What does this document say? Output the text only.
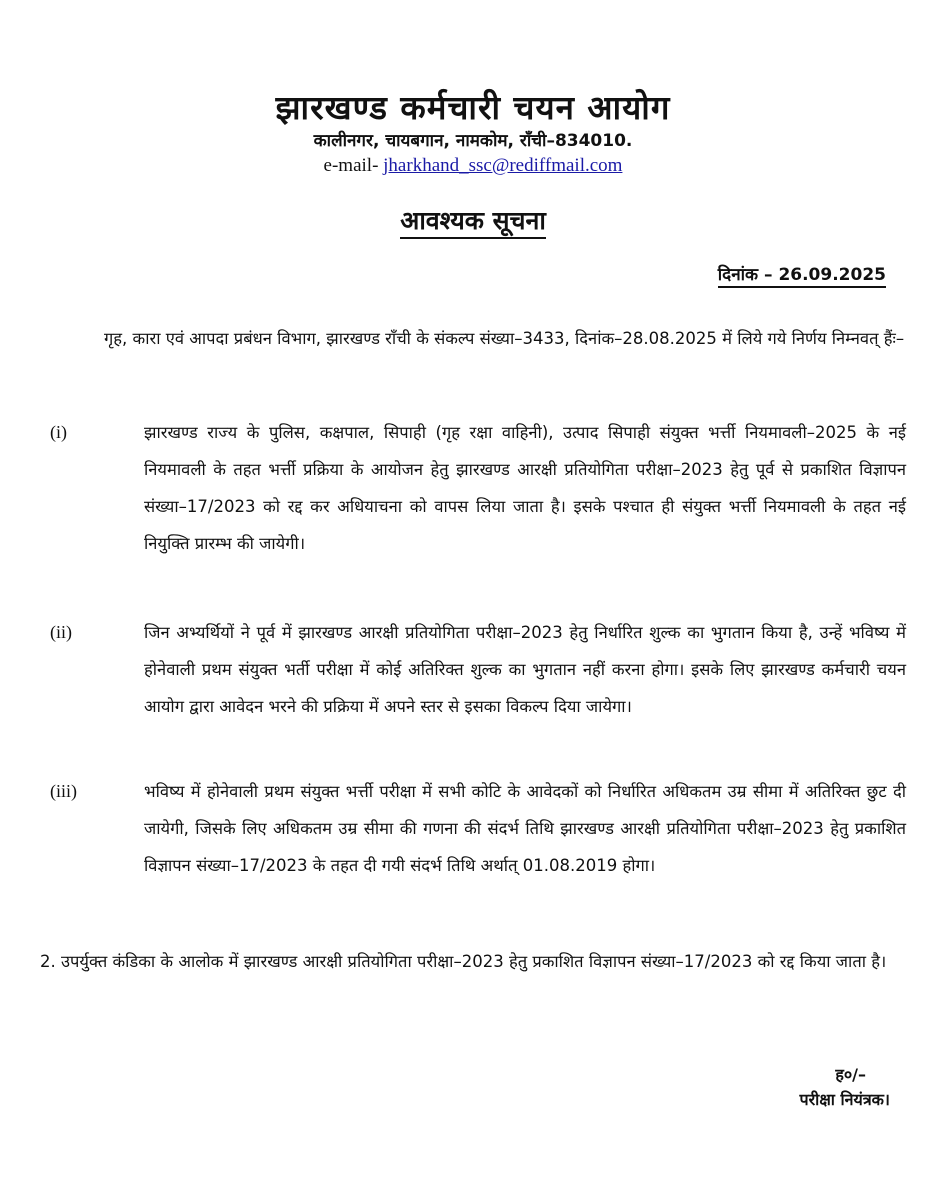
झारखण्ड कर्मचारी चयन आयोग
कालीनगर, चायबगान, नामकोम, राँची–834010.
e-mail- jharkhand_ssc@rediffmail.com
आवश्यक सूचना
दिनांक – 26.09.2025
गृह, कारा एवं आपदा प्रबंधन विभाग, झारखण्ड राँची के संकल्प संख्या–3433, दिनांक–28.08.2025 में लिये गये निर्णय निम्नवत् हैंः–
(i)	झारखण्ड राज्य के पुलिस, कक्षपाल, सिपाही (गृह रक्षा वाहिनी), उत्पाद सिपाही संयुक्त भर्त्ती नियमावली–2025 के नई नियमावली के तहत भर्त्ती प्रक्रिया के आयोजन हेतु झारखण्ड आरक्षी प्रतियोगिता परीक्षा–2023 हेतु पूर्व से प्रकाशित विज्ञापन संख्या–17/2023 को रद्द कर अधियाचना को वापस लिया जाता है। इसके पश्चात ही संयुक्त भर्त्ती नियमावली के तहत नई नियुक्ति प्रारम्भ की जायेगी।
(ii)	जिन अभ्यर्थियों ने पूर्व में झारखण्ड आरक्षी प्रतियोगिता परीक्षा–2023 हेतु निर्धारित शुल्क का भुगतान किया है, उन्हें भविष्य में होनेवाली प्रथम संयुक्त भर्ती परीक्षा में कोई अतिरिक्त शुल्क का भुगतान नहीं करना होगा। इसके लिए झारखण्ड कर्मचारी चयन आयोग द्वारा आवेदन भरने की प्रक्रिया में अपने स्तर से इसका विकल्प दिया जायेगा।
(iii)	भविष्य में होनेवाली प्रथम संयुक्त भर्त्ती परीक्षा में सभी कोटि के आवेदकों को निर्धारित अधिकतम उम्र सीमा में अतिरिक्त छुट दी जायेगी, जिसके लिए अधिकतम उम्र सीमा की गणना की संदर्भ तिथि झारखण्ड आरक्षी प्रतियोगिता परीक्षा–2023 हेतु प्रकाशित विज्ञापन संख्या–17/2023 के तहत दी गयी संदर्भ तिथि अर्थात् 01.08.2019 होगा।
2. उपर्युक्त कंडिका के आलोक में झारखण्ड आरक्षी प्रतियोगिता परीक्षा–2023 हेतु प्रकाशित विज्ञापन संख्या–17/2023 को रद्द किया जाता है।
ह०/–
परीक्षा नियंत्रक।
